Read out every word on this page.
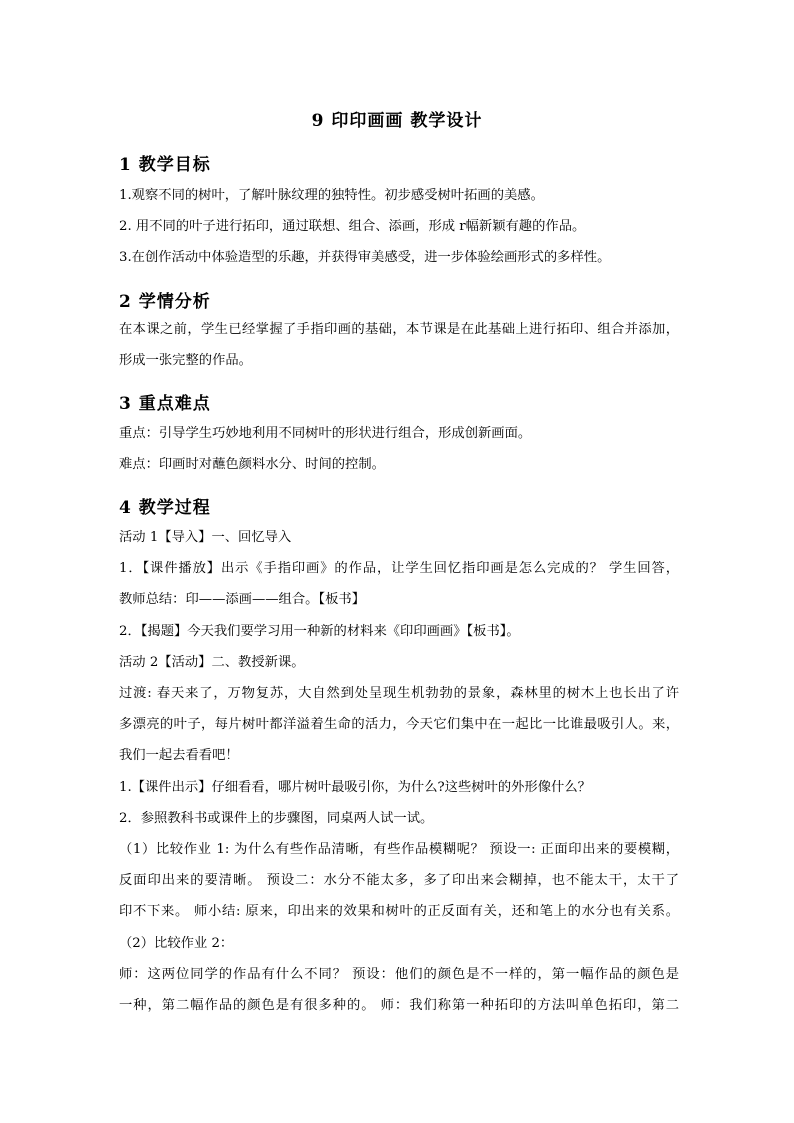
9 印印画画 教学设计
1 教学目标
1.观察不同的树叶，了解叶脉纹理的独特性。初步感受树叶拓画的美感。
2. 用不同的叶子进行拓印，通过联想、组合、添画，形成 r幅新颖有趣的作品。
3.在创作活动中体验造型的乐趣，并获得审美感受，进一步体验绘画形式的多样性。
2 学情分析
在本课之前，学生已经掌握了手指印画的基础，本节课是在此基础上进行拓印、组合并添加，
形成一张完整的作品。
3 重点难点
重点：引导学生巧妙地利用不同树叶的形状进行组合，形成创新画面。
难点：印画时对蘸色颜料水分、时间的控制。
4 教学过程
活动 1【导入】一、回忆导入
1．【课件播放】出示《手指印画》的作品，让学生回忆指印画是怎么完成的？ 学生回答，
教师总结：印——添画——组合。【板书】
2．【揭题】今天我们要学习用一种新的材料来《印印画画》【板书】。
活动 2【活动】二、教授新课。
过渡: 春天来了，万物复苏，大自然到处呈现生机勃勃的景象，森林里的树木上也长出了许
多漂亮的叶子，每片树叶都洋溢着生命的活力，今天它们集中在一起比一比谁最吸引人。来，
我们一起去看看吧！
1.【课件出示】仔细看看，哪片树叶最吸引你，为什么?这些树叶的外形像什么？
2．参照教科书或课件上的步骤图，同桌两人试一试。
（1）比较作业 1: 为什么有些作品清晰，有些作品模糊呢？ 预设一: 正面印出来的要模糊，
反面印出来的要清晰。 预设二：水分不能太多，多了印出来会糊掉，也不能太干，太干了
印不下来。 师小结: 原来，印出来的效果和树叶的正反面有关，还和笔上的水分也有关系。
（2）比较作业 2：
师：这两位同学的作品有什么不同？ 预设：他们的颜色是不一样的，第一幅作品的颜色是
一种，第二幅作品的颜色是有很多种的。 师：我们称第一种拓印的方法叫单色拓印，第二
